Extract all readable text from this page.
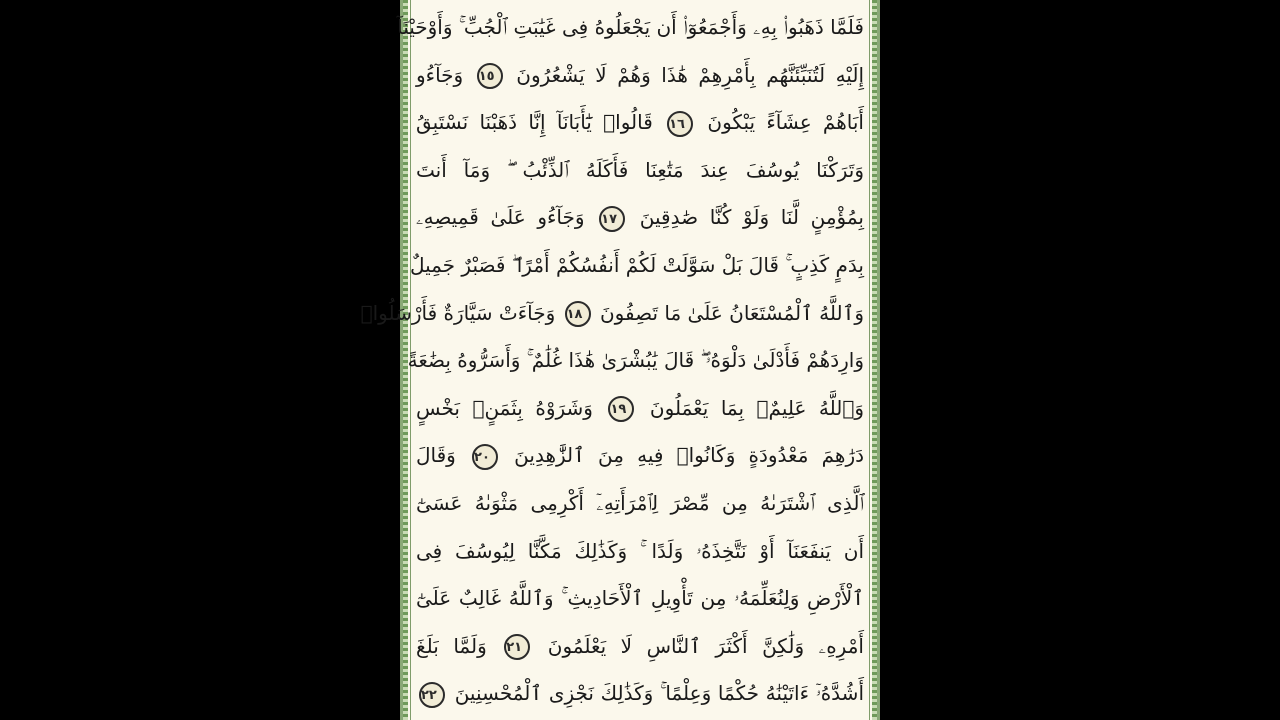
فَلَمَّا ذَهَبُوا۟ بِهِۦ وَأَجْمَعُوٓا۟ أَن يَجْعَلُوهُ فِى غَيَٰبَتِ ٱلْجُبِّ ۚ وَأَوْحَيْنَآ
إِلَيْهِ لَتُنَبِّئَنَّهُم بِأَمْرِهِمْ هَٰذَا وَهُمْ لَا يَشْعُرُونَ ١٥ وَجَآءُو
أَبَاهُمْ عِشَآءً يَبْكُونَ ١٦ قَالُوا۟ يَٰٓأَبَانَآ إِنَّا ذَهَبْنَا نَسْتَبِقُ
وَتَرَكْنَا يُوسُفَ عِندَ مَتَٰعِنَا فَأَكَلَهُ ٱلذِّئْبُ ۖ وَمَآ أَنتَ
بِمُؤْمِنٍ لَّنَا وَلَوْ كُنَّا صَٰدِقِينَ ١٧ وَجَآءُو عَلَىٰ قَمِيصِهِۦ
بِدَمٍ كَذِبٍ ۚ قَالَ بَلْ سَوَّلَتْ لَكُمْ أَنفُسُكُمْ أَمْرًا ۖ فَصَبْرٌ جَمِيلٌ
وَٱللَّهُ ٱلْمُسْتَعَانُ عَلَىٰ مَا تَصِفُونَ ١٨ وَجَآءَتْ سَيَّارَةٌ فَأَرْسَلُوا۟
وَارِدَهُمْ فَأَدْلَىٰ دَلْوَهُۥ ۖ قَالَ يَٰبُشْرَىٰ هَٰذَا غُلَٰمٌ ۚ وَأَسَرُّوهُ بِضَٰعَةً
وَٱللَّهُ عَلِيمٌۢ بِمَا يَعْمَلُونَ ١٩ وَشَرَوْهُ بِثَمَنٍۭ بَخْسٍ
دَرَٰهِمَ مَعْدُودَةٍ وَكَانُوا۟ فِيهِ مِنَ ٱلزَّٰهِدِينَ ٢٠ وَقَالَ
ٱلَّذِى ٱشْتَرَىٰهُ مِن مِّصْرَ لِٱمْرَأَتِهِۦٓ أَكْرِمِى مَثْوَىٰهُ عَسَىٰٓ
أَن يَنفَعَنَآ أَوْ نَتَّخِذَهُۥ وَلَدًا ۚ وَكَذَٰلِكَ مَكَّنَّا لِيُوسُفَ فِى
ٱلْأَرْضِ وَلِنُعَلِّمَهُۥ مِن تَأْوِيلِ ٱلْأَحَادِيثِ ۚ وَٱللَّهُ غَالِبٌ عَلَىٰٓ
أَمْرِهِۦ وَلَٰكِنَّ أَكْثَرَ ٱلنَّاسِ لَا يَعْلَمُونَ ٢١ وَلَمَّا بَلَغَ
أَشُدَّهُۥٓ ءَاتَيْنَٰهُ حُكْمًا وَعِلْمًا ۚ وَكَذَٰلِكَ نَجْزِى ٱلْمُحْسِنِينَ ٢٢
